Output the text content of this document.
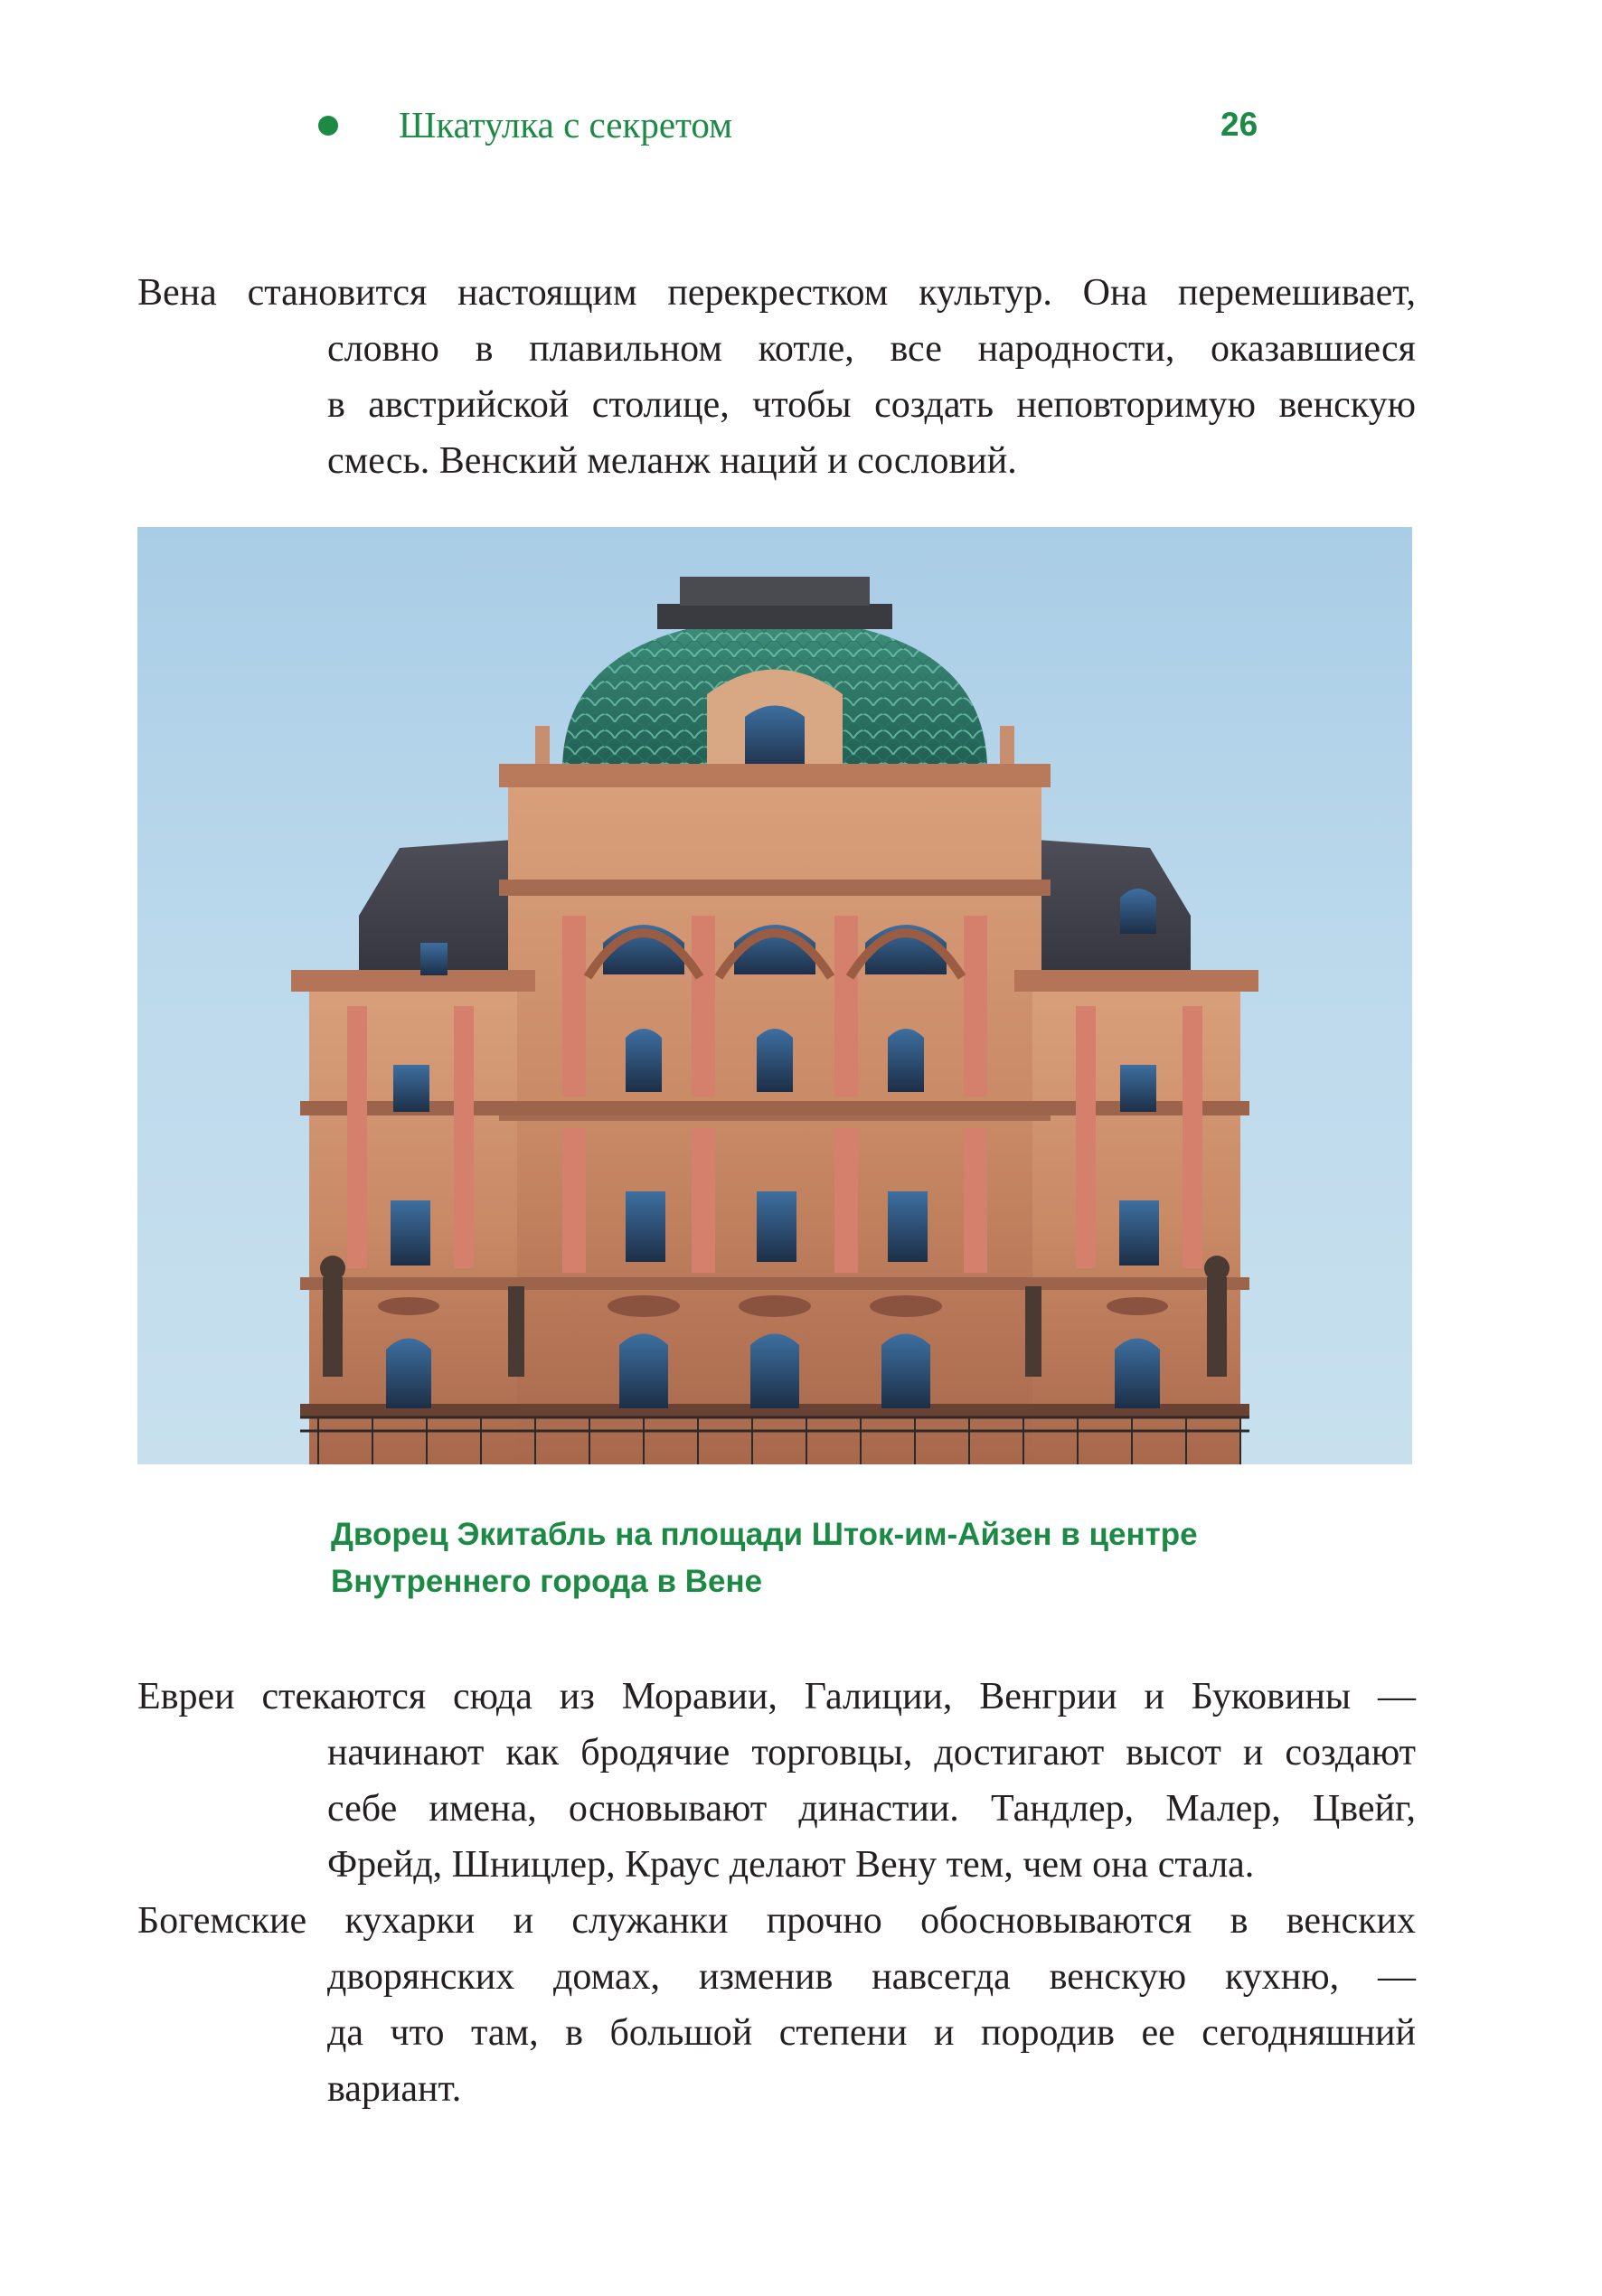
Шкатулка с секретом	26
Вена становится настоящим перекрестком культур. Она перемешивает,
словно в плавильном котле, все народности, оказавшиеся
в австрийской столице, чтобы создать неповторимую венскую
смесь. Венский меланж наций и сословий.
Дворец Экитабль на площади Шток-им-Айзен в центре
Внутреннего города в Вене
Евреи стекаются сюда из Моравии, Галиции, Венгрии и Буковины —
начинают как бродячие торговцы, достигают высот и создают
себе имена, основывают династии. Тандлер, Малер, Цвейг,
Фрейд, Шницлер, Краус делают Вену тем, чем она стала.
Богемские кухарки и служанки прочно обосновываются в венских
дворянских домах, изменив навсегда венскую кухню, —
да что там, в большой степени и породив ее сегодняшний
вариант.
